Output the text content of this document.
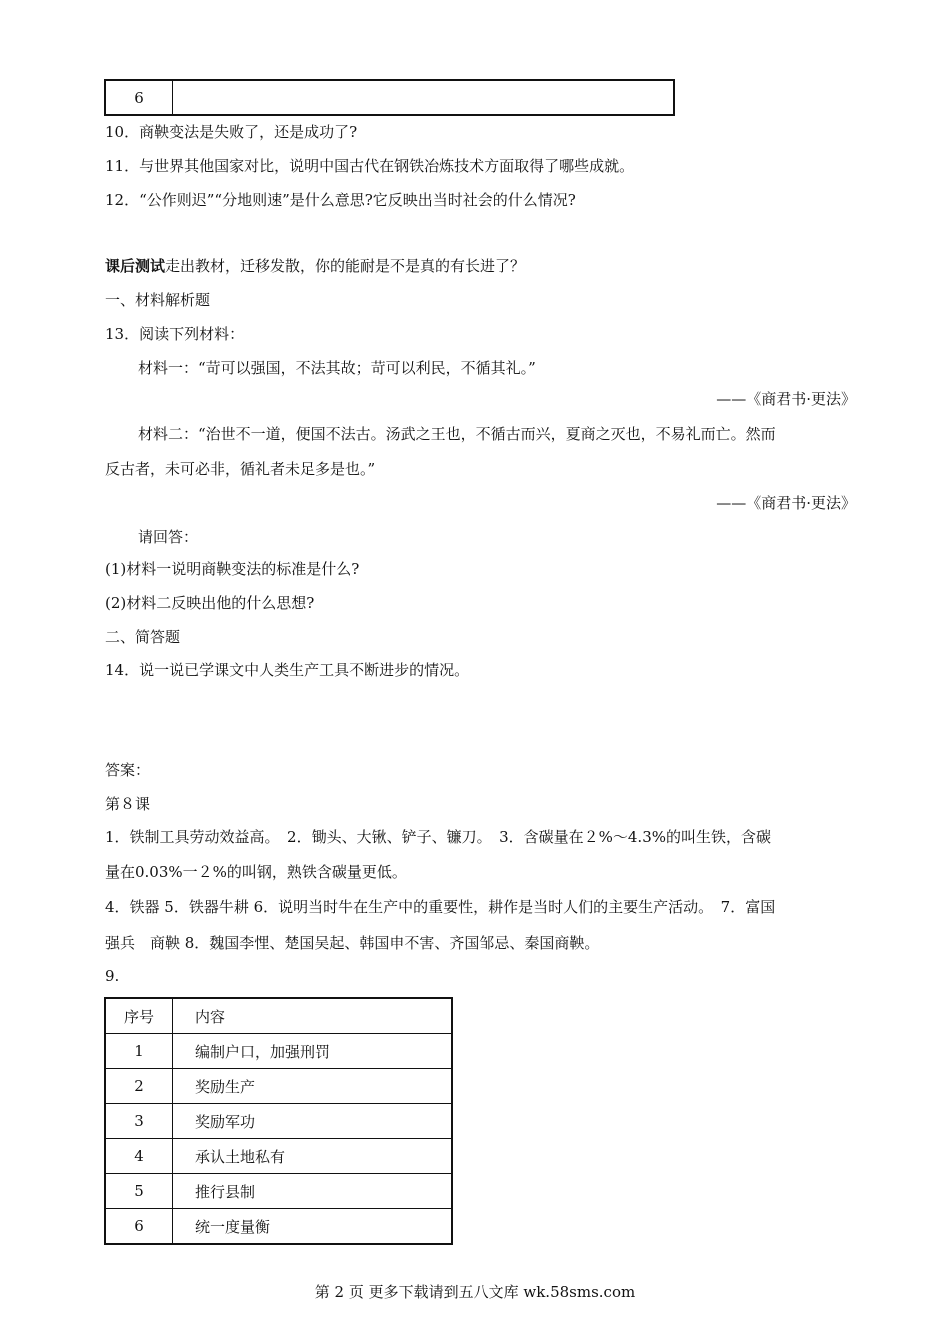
6	
10．商鞅变法是失败了，还是成功了?
11．与世界其他国家对比，说明中国古代在钢铁冶炼技术方面取得了哪些成就。
12．“公作则迟”“分地则速”是什么意思?它反映出当时社会的什么情况?
课后测试走出教材，迁移发散，你的能耐是不是真的有长进了？
一、材料解析题
13．阅读下列材料：
材料一：“苛可以强国，不法其故；苛可以利民，不循其礼。”
——《商君书·更法》
材料二：“治世不一道，便国不法古。汤武之王也，不循古而兴，夏商之灭也，不易礼而亡。然而
反古者，未可必非，循礼者未足多是也。”
——《商君书·更法》
请回答：
(1)材料一说明商鞅变法的标准是什么?
(2)材料二反映出他的什么思想?
二、简答题
14．说一说已学课文中人类生产工具不断进步的情况。
答案：
第８课
1．铁制工具劳动效益高。　2．锄头、大锹、铲子、镰刀。　3．含碳量在２%～4.3%的叫生铁，含碳
量在0.03%一２%的叫钢，熟铁含碳量更低。
4．铁器 5．铁器牛耕 6．说明当时牛在生产中的重要性，耕作是当时人们的主要生产活动。　7．富国
强兵　商鞅 8．魏国李悝、楚国吴起、韩国申不害、齐国邹忌、秦国商鞅。
9.
序号	内容
1	编制户口，加强刑罚
2	奖励生产
3	奖励军功
4	承认土地私有
5	推行县制
6	统一度量衡
第 2 页 更多下载请到五八文库 wk.58sms.com
